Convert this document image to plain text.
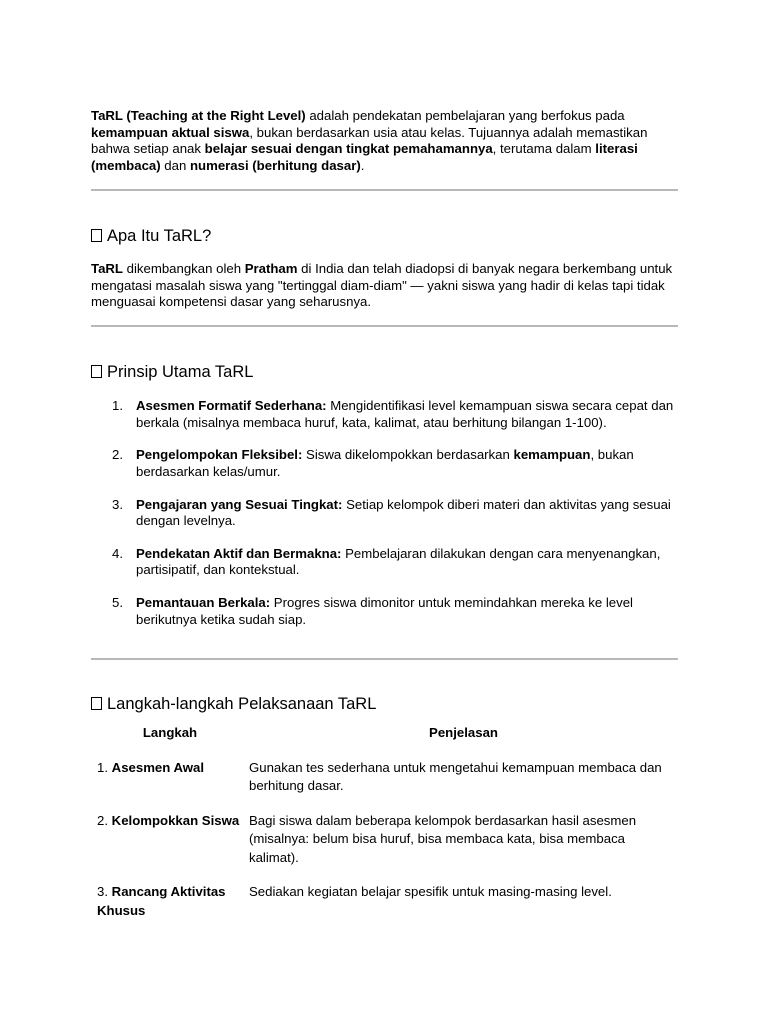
TaRL (Teaching at the Right Level) adalah pendekatan pembelajaran yang berfokus pada kemampuan aktual siswa, bukan berdasarkan usia atau kelas. Tujuannya adalah memastikan bahwa setiap anak belajar sesuai dengan tingkat pemahamannya, terutama dalam literasi (membaca) dan numerasi (berhitung dasar).

Apa Itu TaRL?

TaRL dikembangkan oleh Pratham di India dan telah diadopsi di banyak negara berkembang untuk mengatasi masalah siswa yang "tertinggal diam-diam" — yakni siswa yang hadir di kelas tapi tidak menguasai kompetensi dasar yang seharusnya.

Prinsip Utama TaRL
1. Asesmen Formatif Sederhana: Mengidentifikasi level kemampuan siswa secara cepat dan berkala (misalnya membaca huruf, kata, kalimat, atau berhitung bilangan 1-100).
2. Pengelompokan Fleksibel: Siswa dikelompokkan berdasarkan kemampuan, bukan berdasarkan kelas/umur.
3. Pengajaran yang Sesuai Tingkat: Setiap kelompok diberi materi dan aktivitas yang sesuai dengan levelnya.
4. Pendekatan Aktif dan Bermakna: Pembelajaran dilakukan dengan cara menyenangkan, partisipatif, dan kontekstual.
5. Pemantauan Berkala: Progres siswa dimonitor untuk memindahkan mereka ke level berikutnya ketika sudah siap.
Langkah-langkah Pelaksanaan TaRL
Langkah	Penjelasan
1. Asesmen Awal	Gunakan tes sederhana untuk mengetahui kemampuan membaca dan berhitung dasar.
2. Kelompokkan Siswa	Bagi siswa dalam beberapa kelompok berdasarkan hasil asesmen (misalnya: belum bisa huruf, bisa membaca kata, bisa membaca kalimat).
3. Rancang Aktivitas Khusus	Sediakan kegiatan belajar spesifik untuk masing-masing level.
